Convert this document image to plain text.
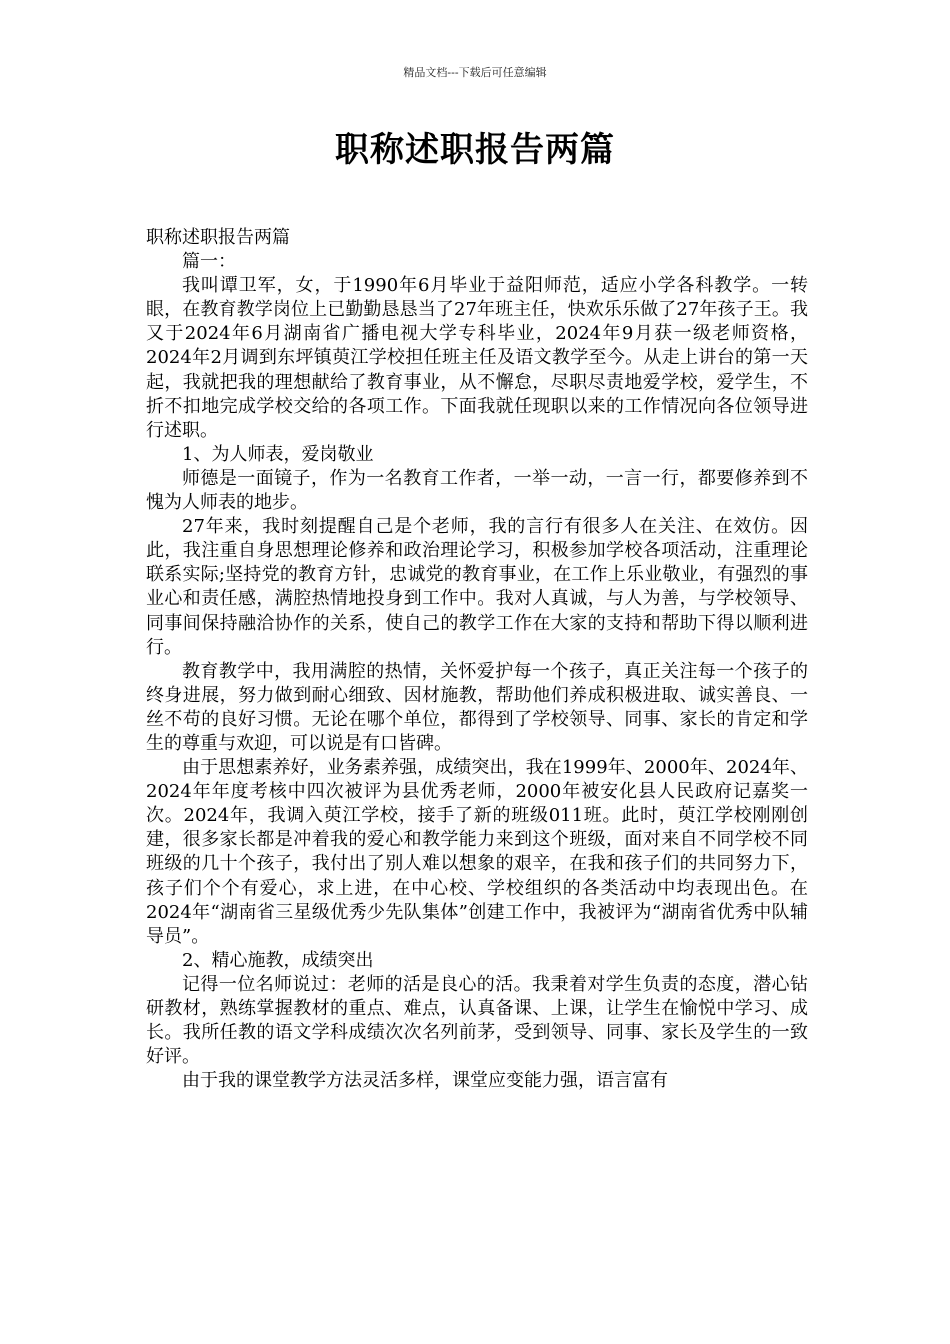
精品文档---下载后可任意编辑
职称述职报告两篇

职称述职报告两篇

篇一：

我叫谭卫军，女，于1990年6月毕业于益阳师范，适应小学各科教学。一转眼，在教育教学岗位上已勤勤恳恳当了27年班主任，快欢乐乐做了27年孩子王。我又于2024年6月湖南省广播电视大学专科毕业，2024年9月获一级老师资格，2024年2月调到东坪镇萸江学校担任班主任及语文教学至今。从走上讲台的第一天起，我就把我的理想献给了教育事业，从不懈怠，尽职尽责地爱学校，爱学生，不折不扣地完成学校交给的各项工作。下面我就任现职以来的工作情况向各位领导进行述职。

1、为人师表，爱岗敬业

师德是一面镜子，作为一名教育工作者，一举一动，一言一行，都要修养到不愧为人师表的地步。

27年来，我时刻提醒自己是个老师，我的言行有很多人在关注、在效仿。因此，我注重自身思想理论修养和政治理论学习，积极参加学校各项活动，注重理论联系实际;坚持党的教育方针，忠诚党的教育事业，在工作上乐业敬业，有强烈的事业心和责任感，满腔热情地投身到工作中。我对人真诚，与人为善，与学校领导、同事间保持融洽协作的关系，使自己的教学工作在大家的支持和帮助下得以顺利进行。

教育教学中，我用满腔的热情，关怀爱护每一个孩子，真正关注每一个孩子的终身进展，努力做到耐心细致、因材施教，帮助他们养成积极进取、诚实善良、一丝不苟的良好习惯。无论在哪个单位，都得到了学校领导、同事、家长的肯定和学生的尊重与欢迎，可以说是有口皆碑。

由于思想素养好，业务素养强，成绩突出，我在1999年、2000年、2024年、2024年年度考核中四次被评为县优秀老师，2000年被安化县人民政府记嘉奖一次。2024年，我调入萸江学校，接手了新的班级011班。此时，萸江学校刚刚创建，很多家长都是冲着我的爱心和教学能力来到这个班级，面对来自不同学校不同班级的几十个孩子，我付出了别人难以想象的艰辛，在我和孩子们的共同努力下，孩子们个个有爱心，求上进，在中心校、学校组织的各类活动中均表现出色。在2024年“湖南省三星级优秀少先队集体”创建工作中，我被评为“湖南省优秀中队辅导员”。

2、精心施教，成绩突出

记得一位名师说过：老师的活是良心的活。我秉着对学生负责的态度，潜心钻研教材，熟练掌握教材的重点、难点，认真备课、上课，让学生在愉悦中学习、成长。我所任教的语文学科成绩次次名列前茅，受到领导、同事、家长及学生的一致好评。

由于我的课堂教学方法灵活多样，课堂应变能力强，语言富有
